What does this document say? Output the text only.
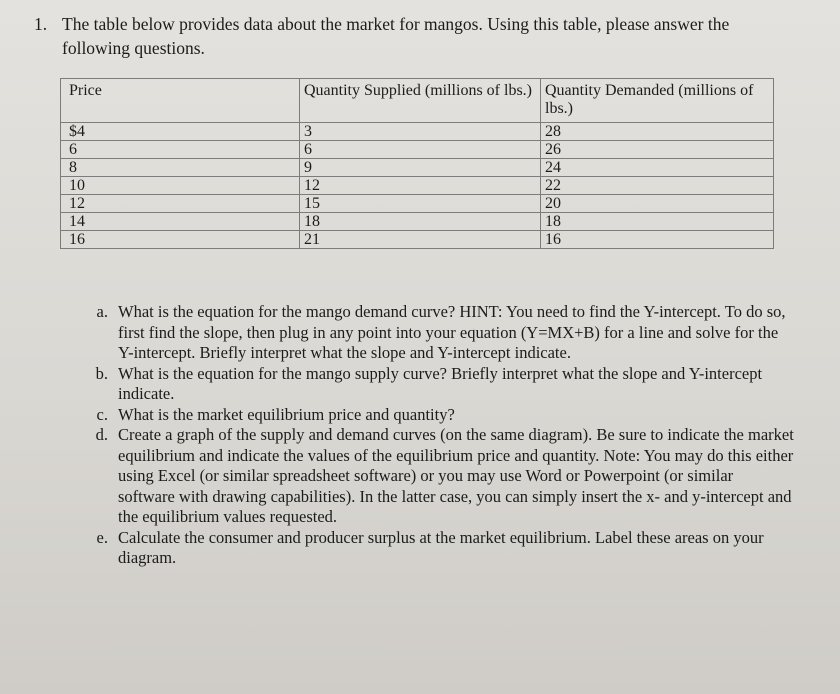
1. The table below provides data about the market for mangos. Using this table, please answer the following questions.
Price	Quantity Supplied (millions of lbs.)	Quantity Demanded (millions of lbs.)
$4	3	28
6	6	26
8	9	24
10	12	22
12	15	20
14	18	18
16	21	16
a. What is the equation for the mango demand curve? HINT: You need to find the Y-intercept. To do so, first find the slope, then plug in any point into your equation (Y=MX+B) for a line and solve for the Y-intercept. Briefly interpret what the slope and Y-intercept indicate.
b. What is the equation for the mango supply curve? Briefly interpret what the slope and Y-intercept indicate.
c. What is the market equilibrium price and quantity?
d. Create a graph of the supply and demand curves (on the same diagram). Be sure to indicate the market equilibrium and indicate the values of the equilibrium price and quantity. Note: You may do this either using Excel (or similar spreadsheet software) or you may use Word or Powerpoint (or similar software with drawing capabilities). In the latter case, you can simply insert the x- and y-intercept and the equilibrium values requested.
e. Calculate the consumer and producer surplus at the market equilibrium. Label these areas on your diagram.
